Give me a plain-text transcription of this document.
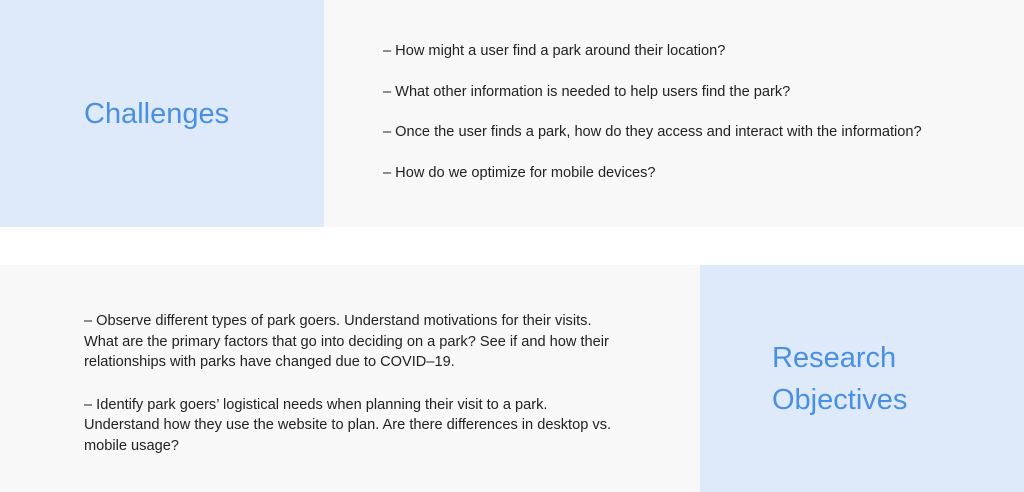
Challenges
– How might a user find a park around their location?
– What other information is needed to help users find the park?
– Once the user finds a park, how do they access and interact with the information?
– How do we optimize for mobile devices?
Research
Objectives

– Observe different types of park goers. Understand motivations for their visits. What are the primary factors that go into deciding on a park? See if and how their relationships with parks have changed due to COVID–19.

– Identify park goers’ logistical needs when planning their visit to a park. Understand how they use the website to plan. Are there differences in desktop vs. mobile usage?
